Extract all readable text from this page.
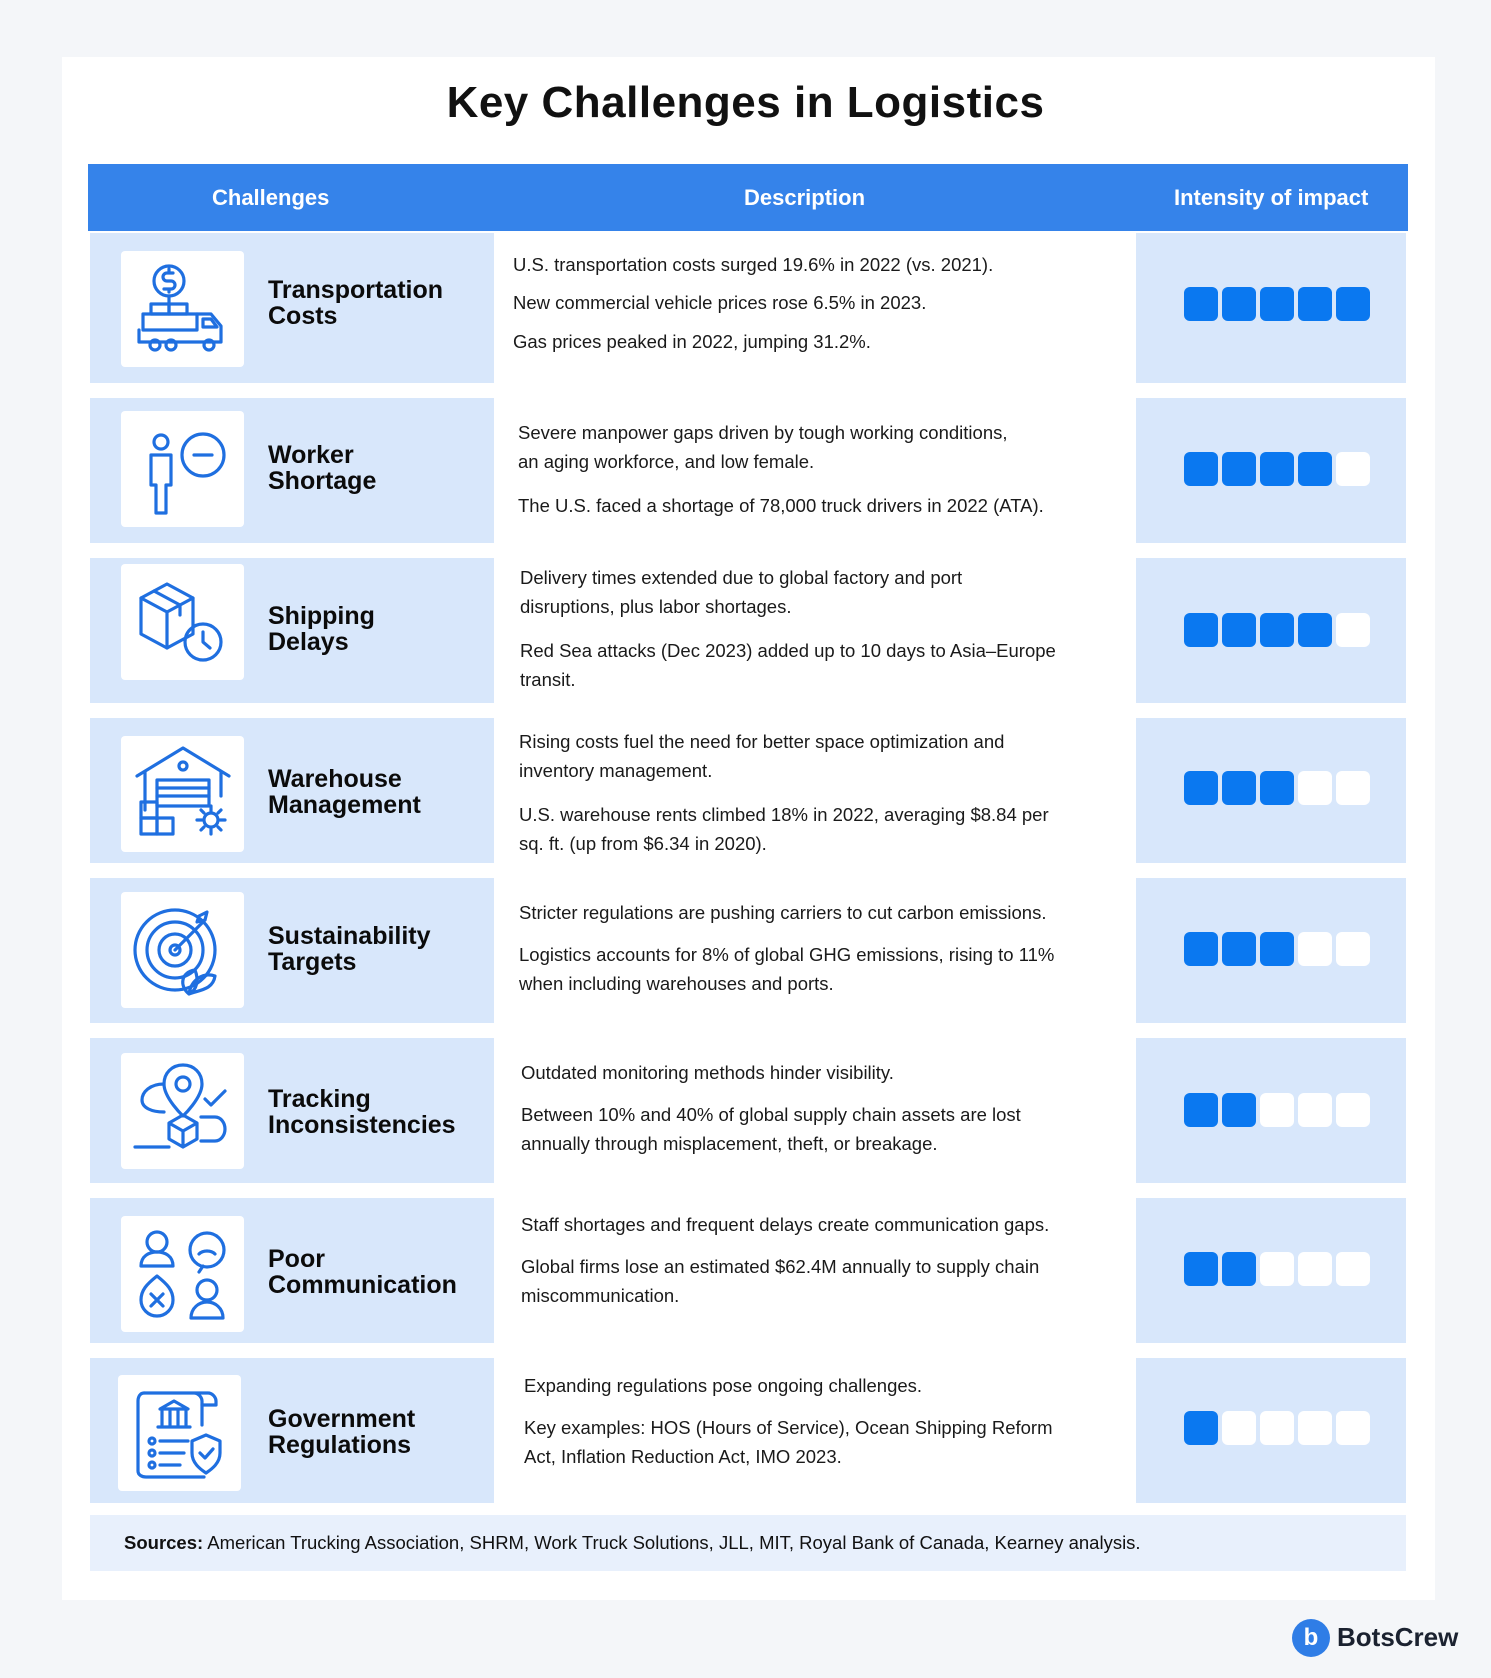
Key Challenges in Logistics
Challenges	Description	Intensity of impact
Transportation
Costs

U.S. transportation costs surged 19.6% in 2022 (vs. 2021).

New commercial vehicle prices rose 6.5% in 2023.

Gas prices peaked in 2022, jumping 31.2%.

Worker
Shortage

Severe manpower gaps driven by tough working conditions,
an aging workforce, and low female.

The U.S. faced a shortage of 78,000 truck drivers in 2022 (ATA).

Shipping
Delays

Delivery times extended due to global factory and port
disruptions, plus labor shortages.

Red Sea attacks (Dec 2023) added up to 10 days to Asia–Europe
transit.

Warehouse
Management

Rising costs fuel the need for better space optimization and
inventory management.

U.S. warehouse rents climbed 18% in 2022, averaging $8.84 per
sq. ft. (up from $6.34 in 2020).

Sustainability
Targets

Stricter regulations are pushing carriers to cut carbon emissions.

Logistics accounts for 8% of global GHG emissions, rising to 11%
when including warehouses and ports.

Tracking
Inconsistencies

Outdated monitoring methods hinder visibility.

Between 10% and 40% of global supply chain assets are lost
annually through misplacement, theft, or breakage.

Poor
Communication

Staff shortages and frequent delays create communication gaps.

Global firms lose an estimated $62.4M annually to supply chain
miscommunication.

Government
Regulations

Expanding regulations pose ongoing challenges.

Key examples: HOS (Hours of Service), Ocean Shipping Reform
Act, Inflation Reduction Act, IMO 2023.

Sources: American Trucking Association, SHRM, Work Truck Solutions, JLL, MIT, Royal Bank of Canada, Kearney analysis.
b BotsCrew
